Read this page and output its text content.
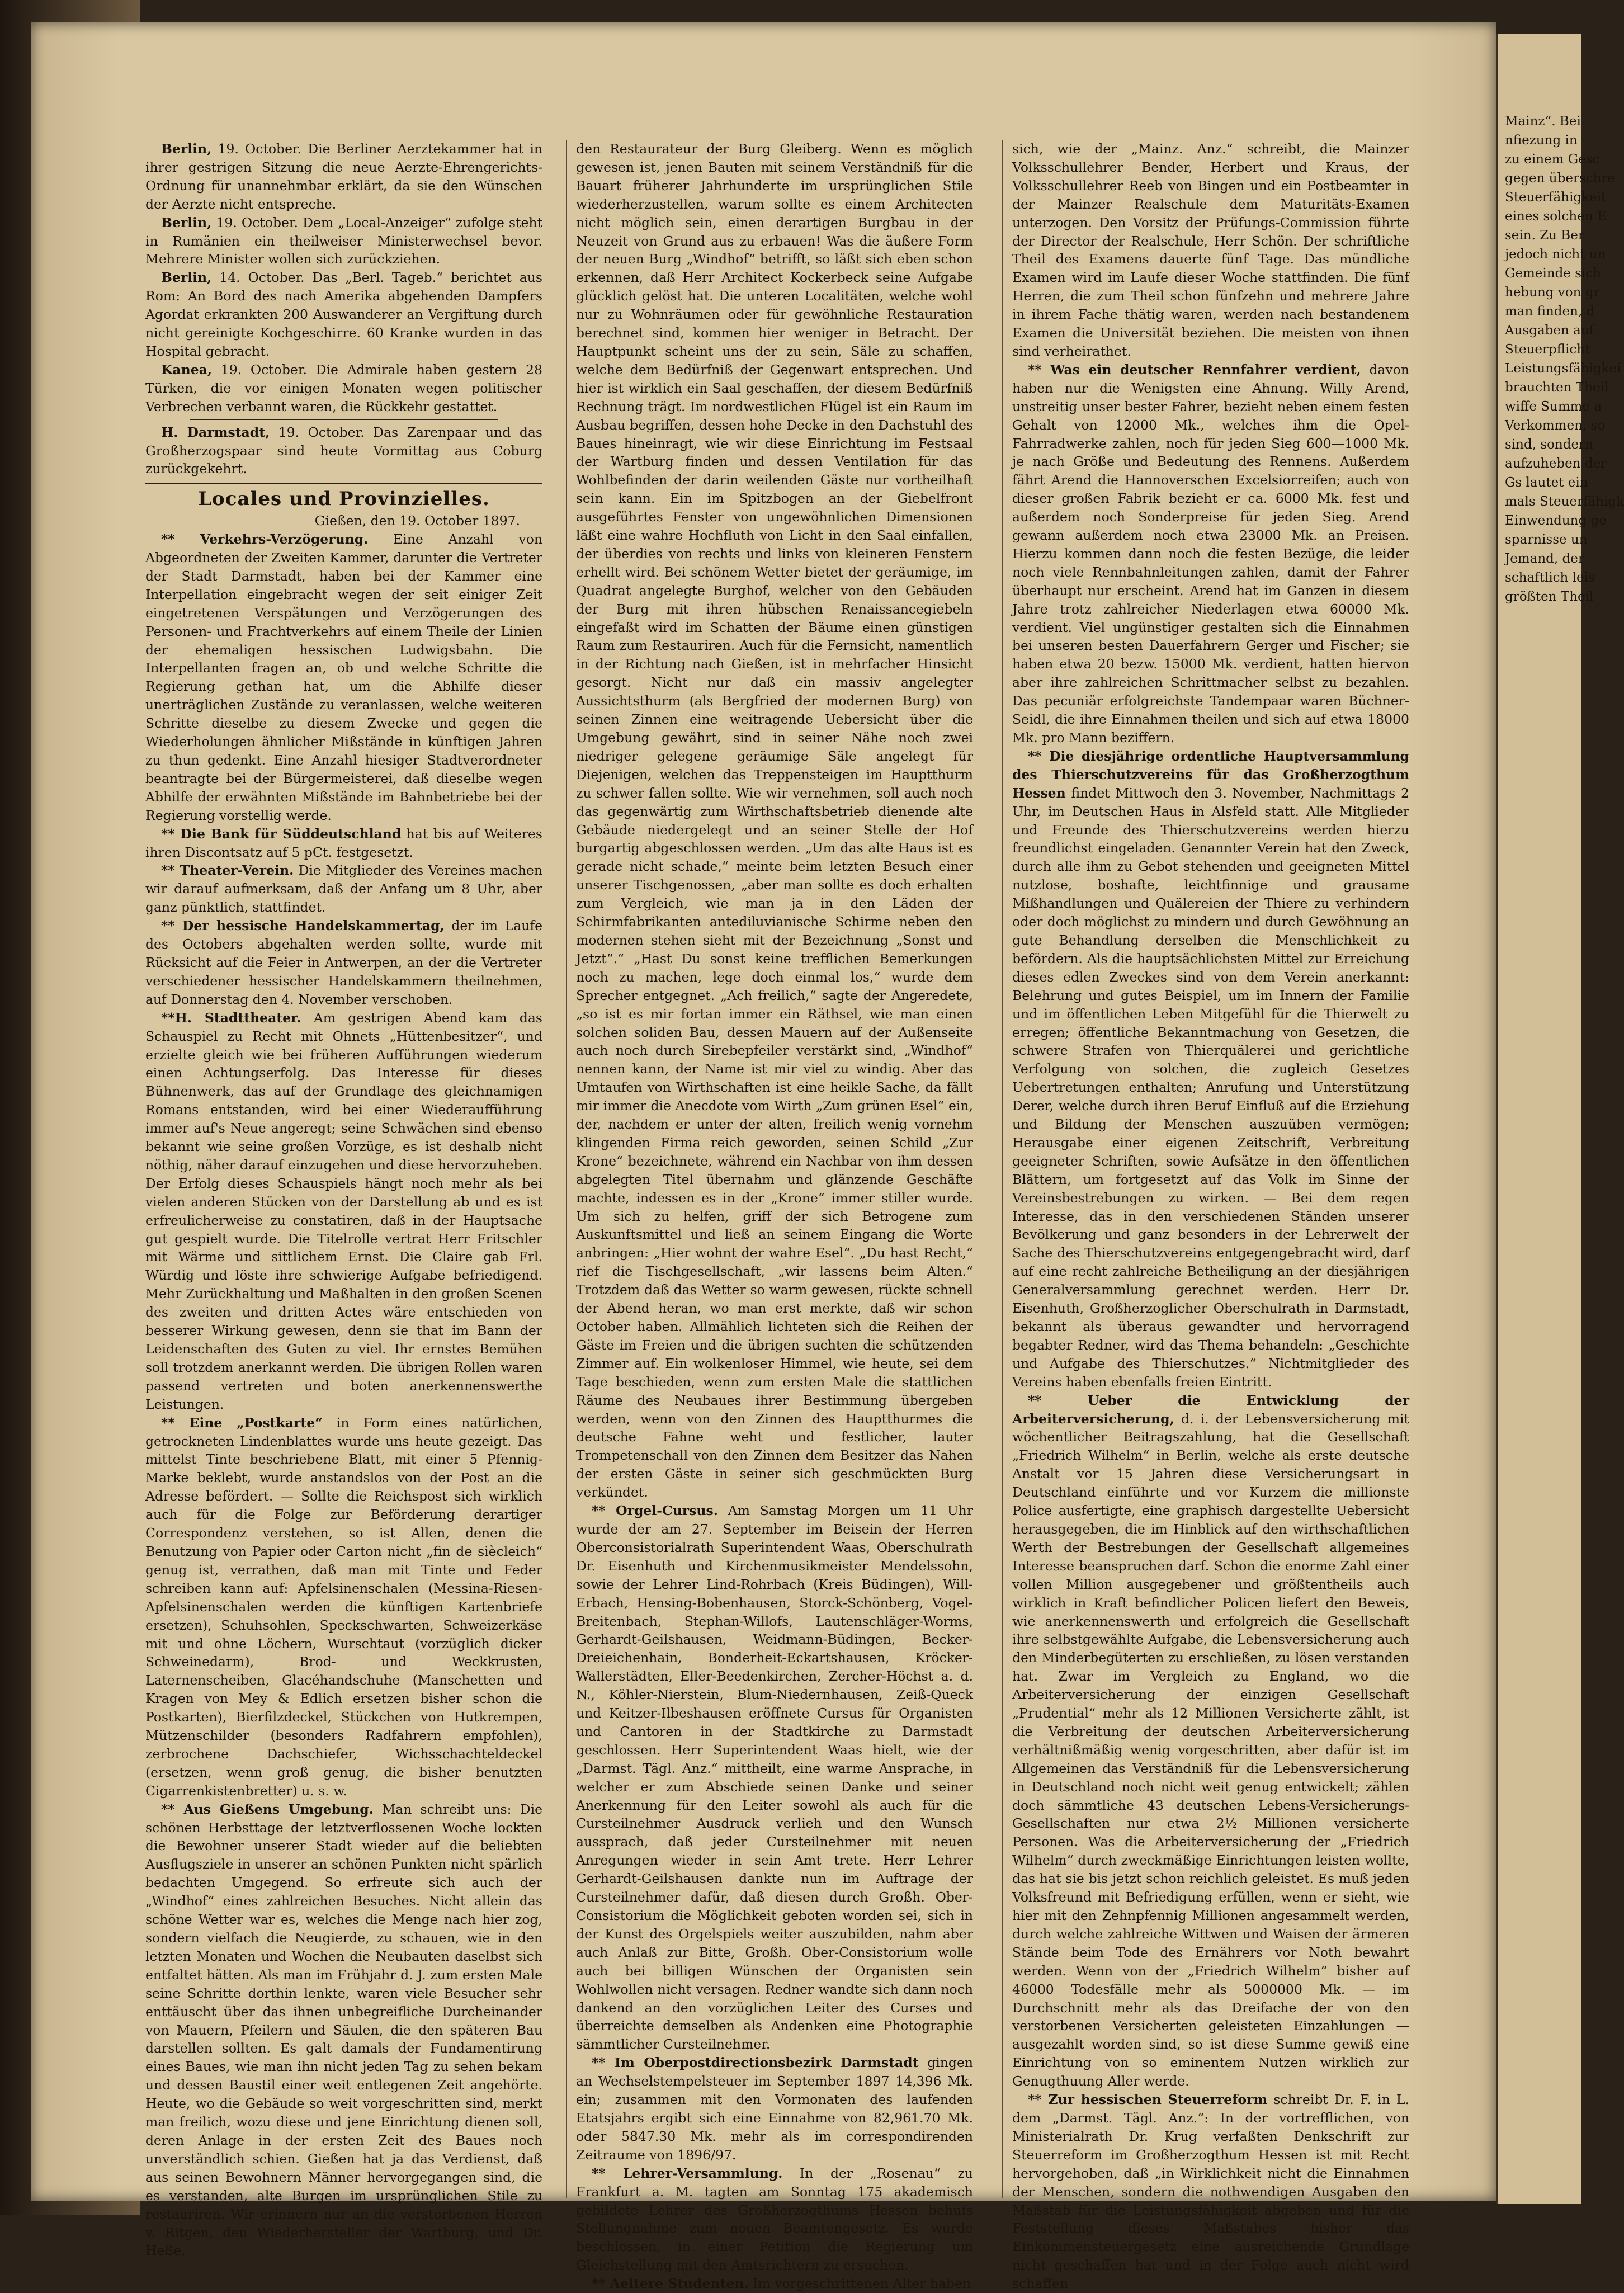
Berlin, 19. October. Die Berliner Aerztekammer hat in ihrer gestrigen Sitzung die neue Aerzte-Ehrengerichts-Ordnung für unannehmbar erklärt, da sie den Wünschen der Aerzte nicht entspreche.

Berlin, 19. October. Dem „Local-Anzeiger“ zufolge steht in Rumänien ein theilweiser Ministerwechsel bevor. Mehrere Minister wollen sich zurückziehen.

Berlin, 14. October. Das „Berl. Tageb.“ berichtet aus Rom: An Bord des nach Amerika abgehenden Dampfers Agordat erkrankten 200 Auswanderer an Vergiftung durch nicht gereinigte Kochgeschirre. 60 Kranke wurden in das Hospital gebracht.

Kanea, 19. October. Die Admirale haben gestern 28 Türken, die vor einigen Monaten wegen politischer Verbrechen verbannt waren, die Rückkehr gestattet.

H. Darmstadt, 19. October. Das Zarenpaar und das Großherzogspaar sind heute Vormittag aus Coburg zurückgekehrt.

Locales und Provinzielles.

Gießen, den 19. October 1897.

** Verkehrs-Verzögerung. Eine Anzahl von Abgeordneten der Zweiten Kammer, darunter die Vertreter der Stadt Darmstadt, haben bei der Kammer eine Interpellation eingebracht wegen der seit einiger Zeit eingetretenen Verspätungen und Verzögerungen des Personen- und Frachtverkehrs auf einem Theile der Linien der ehemaligen hessischen Ludwigsbahn. Die Interpellanten fragen an, ob und welche Schritte die Regierung gethan hat, um die Abhilfe dieser unerträglichen Zustände zu veranlassen, welche weiteren Schritte dieselbe zu diesem Zwecke und gegen die Wiederholungen ähnlicher Mißstände in künftigen Jahren zu thun gedenkt. Eine Anzahl hiesiger Stadtverordneter beantragte bei der Bürgermeisterei, daß dieselbe wegen Abhilfe der erwähnten Mißstände im Bahnbetriebe bei der Regierung vorstellig werde.

** Die Bank für Süddeutschland hat bis auf Weiteres ihren Discontsatz auf 5 pCt. festgesetzt.

** Theater-Verein. Die Mitglieder des Vereines machen wir darauf aufmerksam, daß der Anfang um 8 Uhr, aber ganz pünktlich, stattfindet.

** Der hessische Handelskammertag, der im Laufe des Octobers abgehalten werden sollte, wurde mit Rücksicht auf die Feier in Antwerpen, an der die Vertreter verschiedener hessischer Handelskammern theilnehmen, auf Donnerstag den 4. November verschoben.

**H. Stadttheater. Am gestrigen Abend kam das Schauspiel zu Recht mit Ohnets „Hüttenbesitzer“, und erzielte gleich wie bei früheren Aufführungen wiederum einen Achtungserfolg. Das Interesse für dieses Bühnenwerk, das auf der Grundlage des gleichnamigen Romans entstanden, wird bei einer Wiederaufführung immer auf's Neue angeregt; seine Schwächen sind ebenso bekannt wie seine großen Vorzüge, es ist deshalb nicht nöthig, näher darauf einzugehen und diese hervorzuheben. Der Erfolg dieses Schauspiels hängt noch mehr als bei vielen anderen Stücken von der Darstellung ab und es ist erfreulicherweise zu constatiren, daß in der Hauptsache gut gespielt wurde. Die Titelrolle vertrat Herr Fritschler mit Wärme und sittlichem Ernst. Die Claire gab Frl. Würdig und löste ihre schwierige Aufgabe befriedigend. Mehr Zurückhaltung und Maßhalten in den großen Scenen des zweiten und dritten Actes wäre entschieden von besserer Wirkung gewesen, denn sie that im Bann der Leidenschaften des Guten zu viel. Ihr ernstes Bemühen soll trotzdem anerkannt werden. Die übrigen Rollen waren passend vertreten und boten anerkennenswerthe Leistungen.

** Eine „Postkarte“ in Form eines natürlichen, getrockneten Lindenblattes wurde uns heute gezeigt. Das mittelst Tinte beschriebene Blatt, mit einer 5 Pfennig-Marke beklebt, wurde anstandslos von der Post an die Adresse befördert. — Sollte die Reichspost sich wirklich auch für die Folge zur Beförderung derartiger Correspondenz verstehen, so ist Allen, denen die Benutzung von Papier oder Carton nicht „fin de siècleich“ genug ist, verrathen, daß man mit Tinte und Feder schreiben kann auf: Apfelsinenschalen (Messina-Riesen-Apfelsinenschalen werden die künftigen Kartenbriefe ersetzen), Schuhsohlen, Speckschwarten, Schweizerkäse mit und ohne Löchern, Wurschtaut (vorzüglich dicker Schweinedarm), Brod- und Weckkrusten, Laternenscheiben, Glacéhandschuhe (Manschetten und Kragen von Mey & Edlich ersetzen bisher schon die Postkarten), Bierfilzdeckel, Stückchen von Hutkrempen, Mützenschilder (besonders Radfahrern empfohlen), zerbrochene Dachschiefer, Wichsschachteldeckel (ersetzen, wenn groß genug, die bisher benutzten Cigarrenkistenbretter) u. s. w.

** Aus Gießens Umgebung. Man schreibt uns: Die schönen Herbsttage der letztverflossenen Woche lockten die Bewohner unserer Stadt wieder auf die beliebten Ausflugsziele in unserer an schönen Punkten nicht spärlich bedachten Umgegend. So erfreute sich auch der „Windhof“ eines zahlreichen Besuches. Nicht allein das schöne Wetter war es, welches die Menge nach hier zog, sondern vielfach die Neugierde, zu schauen, wie in den letzten Monaten und Wochen die Neubauten daselbst sich entfaltet hätten. Als man im Frühjahr d. J. zum ersten Male seine Schritte dorthin lenkte, waren viele Besucher sehr enttäuscht über das ihnen unbegreifliche Durcheinander von Mauern, Pfeilern und Säulen, die den späteren Bau darstellen sollten. Es galt damals der Fundamentirung eines Baues, wie man ihn nicht jeden Tag zu sehen bekam und dessen Baustil einer weit entlegenen Zeit angehörte. Heute, wo die Gebäude so weit vorgeschritten sind, merkt man freilich, wozu diese und jene Einrichtung dienen soll, deren Anlage in der ersten Zeit des Baues noch unverständlich schien. Gießen hat ja das Verdienst, daß aus seinen Bewohnern Männer hervorgegangen sind, die es verstanden, alte Burgen im ursprünglichen Stile zu restauriren. Wir erinnern nur an die verstorbenen Herren v. Ritgen, den Wiederhersteller der Wartburg, und Dr. Heße,

den Restaurateur der Burg Gleiberg. Wenn es möglich gewesen ist, jenen Bauten mit seinem Verständniß für die Bauart früherer Jahrhunderte im ursprünglichen Stile wiederherzustellen, warum sollte es einem Architecten nicht möglich sein, einen derartigen Burgbau in der Neuzeit von Grund aus zu erbauen! Was die äußere Form der neuen Burg „Windhof“ betrifft, so läßt sich eben schon erkennen, daß Herr Architect Kockerbeck seine Aufgabe glücklich gelöst hat. Die unteren Localitäten, welche wohl nur zu Wohnräumen oder für gewöhnliche Restauration berechnet sind, kommen hier weniger in Betracht. Der Hauptpunkt scheint uns der zu sein, Säle zu schaffen, welche dem Bedürfniß der Gegenwart entsprechen. Und hier ist wirklich ein Saal geschaffen, der diesem Bedürfniß Rechnung trägt. Im nordwestlichen Flügel ist ein Raum im Ausbau begriffen, dessen hohe Decke in den Dachstuhl des Baues hineinragt, wie wir diese Einrichtung im Festsaal der Wartburg finden und dessen Ventilation für das Wohlbefinden der darin weilenden Gäste nur vortheilhaft sein kann. Ein im Spitzbogen an der Giebelfront ausgeführtes Fenster von ungewöhnlichen Dimensionen läßt eine wahre Hochfluth von Licht in den Saal einfallen, der überdies von rechts und links von kleineren Fenstern erhellt wird. Bei schönem Wetter bietet der geräumige, im Quadrat angelegte Burghof, welcher von den Gebäuden der Burg mit ihren hübschen Renaissancegiebeln eingefaßt wird im Schatten der Bäume einen günstigen Raum zum Restauriren. Auch für die Fernsicht, namentlich in der Richtung nach Gießen, ist in mehrfacher Hinsicht gesorgt. Nicht nur daß ein massiv angelegter Aussichtsthurm (als Bergfried der modernen Burg) von seinen Zinnen eine weitragende Uebersicht über die Umgebung gewährt, sind in seiner Nähe noch zwei niedriger gelegene geräumige Säle angelegt für Diejenigen, welchen das Treppensteigen im Hauptthurm zu schwer fallen sollte. Wie wir vernehmen, soll auch noch das gegenwärtig zum Wirthschaftsbetrieb dienende alte Gebäude niedergelegt und an seiner Stelle der Hof burgartig abgeschlossen werden. „Um das alte Haus ist es gerade nicht schade,“ meinte beim letzten Besuch einer unserer Tischgenossen, „aber man sollte es doch erhalten zum Vergleich, wie man ja in den Läden der Schirmfabrikanten antediluvianische Schirme neben den modernen stehen sieht mit der Bezeichnung „Sonst und Jetzt“.“ „Hast Du sonst keine trefflichen Bemerkungen noch zu machen, lege doch einmal los,“ wurde dem Sprecher entgegnet. „Ach freilich,“ sagte der Angeredete, „so ist es mir fortan immer ein Räthsel, wie man einen solchen soliden Bau, dessen Mauern auf der Außenseite auch noch durch Sirebepfeiler verstärkt sind, „Windhof“ nennen kann, der Name ist mir viel zu windig. Aber das Umtaufen von Wirthschaften ist eine heikle Sache, da fällt mir immer die Anecdote vom Wirth „Zum grünen Esel“ ein, der, nachdem er unter der alten, freilich wenig vornehm klingenden Firma reich geworden, seinen Schild „Zur Krone“ bezeichnete, während ein Nachbar von ihm dessen abgelegten Titel übernahm und glänzende Geschäfte machte, indessen es in der „Krone“ immer stiller wurde. Um sich zu helfen, griff der sich Betrogene zum Auskunftsmittel und ließ an seinem Eingang die Worte anbringen: „Hier wohnt der wahre Esel“. „Du hast Recht,“ rief die Tischgesellschaft, „wir lassens beim Alten.“ Trotzdem daß das Wetter so warm gewesen, rückte schnell der Abend heran, wo man erst merkte, daß wir schon October haben. Allmählich lichteten sich die Reihen der Gäste im Freien und die übrigen suchten die schützenden Zimmer auf. Ein wolkenloser Himmel, wie heute, sei dem Tage beschieden, wenn zum ersten Male die stattlichen Räume des Neubaues ihrer Bestimmung übergeben werden, wenn von den Zinnen des Hauptthurmes die deutsche Fahne weht und festlicher, lauter Trompetenschall von den Zinnen dem Besitzer das Nahen der ersten Gäste in seiner sich geschmückten Burg verkündet.

** Orgel-Cursus. Am Samstag Morgen um 11 Uhr wurde der am 27. September im Beisein der Herren Oberconsistorialrath Superintendent Waas, Oberschulrath Dr. Eisenhuth und Kirchenmusikmeister Mendelssohn, sowie der Lehrer Lind-Rohrbach (Kreis Büdingen), Will-Erbach, Hensing-Bobenhausen, Storck-Schönberg, Vogel-Breitenbach, Stephan-Willofs, Lautenschläger-Worms, Gerhardt-Geilshausen, Weidmann-Büdingen, Becker-Dreieichenhain, Bonderheit-Eckartshausen, Kröcker-Wallerstädten, Eller-Beedenkirchen, Zercher-Höchst a. d. N., Köhler-Nierstein, Blum-Niedernhausen, Zeiß-Queck und Keitzer-Ilbeshausen eröffnete Cursus für Organisten und Cantoren in der Stadtkirche zu Darmstadt geschlossen. Herr Superintendent Waas hielt, wie der „Darmst. Tägl. Anz.“ mittheilt, eine warme Ansprache, in welcher er zum Abschiede seinen Danke und seiner Anerkennung für den Leiter sowohl als auch für die Cursteilnehmer Ausdruck verlieh und den Wunsch aussprach, daß jeder Cursteilnehmer mit neuen Anregungen wieder in sein Amt trete. Herr Lehrer Gerhardt-Geilshausen dankte nun im Auftrage der Cursteilnehmer dafür, daß diesen durch Großh. Ober-Consistorium die Möglichkeit geboten worden sei, sich in der Kunst des Orgelspiels weiter auszubilden, nahm aber auch Anlaß zur Bitte, Großh. Ober-Consistorium wolle auch bei billigen Wünschen der Organisten sein Wohlwollen nicht versagen. Redner wandte sich dann noch dankend an den vorzüglichen Leiter des Curses und überreichte demselben als Andenken eine Photographie sämmtlicher Cursteilnehmer.

** Im Oberpostdirectionsbezirk Darmstadt gingen an Wechselstempelsteuer im September 1897 14,396 Mk. ein; zusammen mit den Vormonaten des laufenden Etatsjahrs ergibt sich eine Einnahme von 82,961.70 Mk. oder 5847.30 Mk. mehr als im correspondirenden Zeitraume von 1896/97.

** Lehrer-Versammlung. In der „Rosenau“ zu Frankfurt a. M. tagten am Sonntag 175 akademisch gebildete Lehrer des Großherzogthums Hessen behufs Stellungnahme zum neuen Beamtengesetz. Es wurde beschlossen, in einer Petition die Regierung um Gleichstellung mit den Amtsrichtern zu ersuchen.

** Aeltere Studenten. Im vorgeschrittenen Alter haben

sich, wie der „Mainz. Anz.“ schreibt, die Mainzer Volksschullehrer Bender, Herbert und Kraus, der Volksschullehrer Reeb von Bingen und ein Postbeamter in der Mainzer Realschule dem Maturitäts-Examen unterzogen. Den Vorsitz der Prüfungs-Commission führte der Director der Realschule, Herr Schön. Der schriftliche Theil des Examens dauerte fünf Tage. Das mündliche Examen wird im Laufe dieser Woche stattfinden. Die fünf Herren, die zum Theil schon fünfzehn und mehrere Jahre in ihrem Fache thätig waren, werden nach bestandenem Examen die Universität beziehen. Die meisten von ihnen sind verheirathet.

** Was ein deutscher Rennfahrer verdient, davon haben nur die Wenigsten eine Ahnung. Willy Arend, unstreitig unser bester Fahrer, bezieht neben einem festen Gehalt von 12000 Mk., welches ihm die Opel-Fahrradwerke zahlen, noch für jeden Sieg 600—1000 Mk. je nach Größe und Bedeutung des Rennens. Außerdem fährt Arend die Hannoverschen Excelsiorreifen; auch von dieser großen Fabrik bezieht er ca. 6000 Mk. fest und außerdem noch Sonderpreise für jeden Sieg. Arend gewann außerdem noch etwa 23000 Mk. an Preisen. Hierzu kommen dann noch die festen Bezüge, die leider noch viele Rennbahnleitungen zahlen, damit der Fahrer überhaupt nur erscheint. Arend hat im Ganzen in diesem Jahre trotz zahlreicher Niederlagen etwa 60000 Mk. verdient. Viel ungünstiger gestalten sich die Einnahmen bei unseren besten Dauerfahrern Gerger und Fischer; sie haben etwa 20 bezw. 15000 Mk. verdient, hatten hiervon aber ihre zahlreichen Schrittmacher selbst zu bezahlen. Das pecuniär erfolgreichste Tandempaar waren Büchner-Seidl, die ihre Einnahmen theilen und sich auf etwa 18000 Mk. pro Mann beziffern.

** Die diesjährige ordentliche Hauptversammlung des Thierschutzvereins für das Großherzogthum Hessen findet Mittwoch den 3. November, Nachmittags 2 Uhr, im Deutschen Haus in Alsfeld statt. Alle Mitglieder und Freunde des Thierschutzvereins werden hierzu freundlichst eingeladen. Genannter Verein hat den Zweck, durch alle ihm zu Gebot stehenden und geeigneten Mittel nutzlose, boshafte, leichtfinnige und grausame Mißhandlungen und Quälereien der Thiere zu verhindern oder doch möglichst zu mindern und durch Gewöhnung an gute Behandlung derselben die Menschlichkeit zu befördern. Als die hauptsächlichsten Mittel zur Erreichung dieses edlen Zweckes sind von dem Verein anerkannt: Belehrung und gutes Beispiel, um im Innern der Familie und im öffentlichen Leben Mitgefühl für die Thierwelt zu erregen; öffentliche Bekanntmachung von Gesetzen, die schwere Strafen von Thierquälerei und gerichtliche Verfolgung von solchen, die zugleich Gesetzes Uebertretungen enthalten; Anrufung und Unterstützung Derer, welche durch ihren Beruf Einfluß auf die Erziehung und Bildung der Menschen auszuüben vermögen; Herausgabe einer eigenen Zeitschrift, Verbreitung geeigneter Schriften, sowie Aufsätze in den öffentlichen Blättern, um fortgesetzt auf das Volk im Sinne der Vereinsbestrebungen zu wirken. — Bei dem regen Interesse, das in den verschiedenen Ständen unserer Bevölkerung und ganz besonders in der Lehrerwelt der Sache des Thierschutzvereins entgegengebracht wird, darf auf eine recht zahlreiche Betheiligung an der diesjährigen Generalversammlung gerechnet werden. Herr Dr. Eisenhuth, Großherzoglicher Oberschulrath in Darmstadt, bekannt als überaus gewandter und hervorragend begabter Redner, wird das Thema behandeln: „Geschichte und Aufgabe des Thierschutzes.“ Nichtmitglieder des Vereins haben ebenfalls freien Eintritt.

** Ueber die Entwicklung der Arbeiterversicherung, d. i. der Lebensversicherung mit wöchentlicher Beitragszahlung, hat die Gesellschaft „Friedrich Wilhelm“ in Berlin, welche als erste deutsche Anstalt vor 15 Jahren diese Versicherungsart in Deutschland einführte und vor Kurzem die millionste Police ausfertigte, eine graphisch dargestellte Uebersicht herausgegeben, die im Hinblick auf den wirthschaftlichen Werth der Bestrebungen der Gesellschaft allgemeines Interesse beanspruchen darf. Schon die enorme Zahl einer vollen Million ausgegebener und größtentheils auch wirklich in Kraft befindlicher Policen liefert den Beweis, wie anerkennenswerth und erfolgreich die Gesellschaft ihre selbstgewählte Aufgabe, die Lebensversicherung auch den Minderbegüterten zu erschließen, zu lösen verstanden hat. Zwar im Vergleich zu England, wo die Arbeiterversicherung der einzigen Gesellschaft „Prudential“ mehr als 12 Millionen Versicherte zählt, ist die Verbreitung der deutschen Arbeiterversicherung verhältnißmäßig wenig vorgeschritten, aber dafür ist im Allgemeinen das Verständniß für die Lebensversicherung in Deutschland noch nicht weit genug entwickelt; zählen doch sämmtliche 43 deutschen Lebens-Versicherungs-Gesellschaften nur etwa 2½ Millionen versicherte Personen. Was die Arbeiterversicherung der „Friedrich Wilhelm“ durch zweckmäßige Einrichtungen leisten wollte, das hat sie bis jetzt schon reichlich geleistet. Es muß jeden Volksfreund mit Befriedigung erfüllen, wenn er sieht, wie hier mit den Zehnpfennig Millionen angesammelt werden, durch welche zahlreiche Wittwen und Waisen der ärmeren Stände beim Tode des Ernährers vor Noth bewahrt werden. Wenn von der „Friedrich Wilhelm“ bisher auf 46000 Todesfälle mehr als 5000000 Mk. — im Durchschnitt mehr als das Dreifache der von den verstorbenen Versicherten geleisteten Einzahlungen — ausgezahlt worden sind, so ist diese Summe gewiß eine Einrichtung von so eminentem Nutzen wirklich zur Genugthuung Aller werde.

** Zur hessischen Steuerreform schreibt Dr. F. in L. dem „Darmst. Tägl. Anz.“: In der vortrefflichen, von Ministerialrath Dr. Krug verfaßten Denkschrift zur Steuerreform im Großherzogthum Hessen ist mit Recht hervorgehoben, daß „in Wirklichkeit nicht die Einnahmen der Menschen, sondern die nothwendigen Ausgaben den Maßstab für die Leistungsfähigkeit abgeben und für die Feststellung dieses Maßstabes bisher das Einkommensteuergesetz eine ausreichende Grundlage nicht geschaffen hat und in der Folge auch nicht wird schaffen

Mainz“. Bei
nfiezung in
zu einem Gesc
gegen überschre
Steuerfähigkeit
eines solchen E
sein. Zu Ber
jedoch nicht un
Gemeinde sich
hebung von gr
man finden, d
Ausgaben auf
Steuerpflicht
Leistungsfähigkei
brauchten Theil
wiffe Summe a
Verkommen, so
sind, sondern
aufzuheben der
Gs lautet ein
mals Steuerfähigk
Einwendung ge
sparnisse un
Jemand, der
schaftlich leis
größten Theil
